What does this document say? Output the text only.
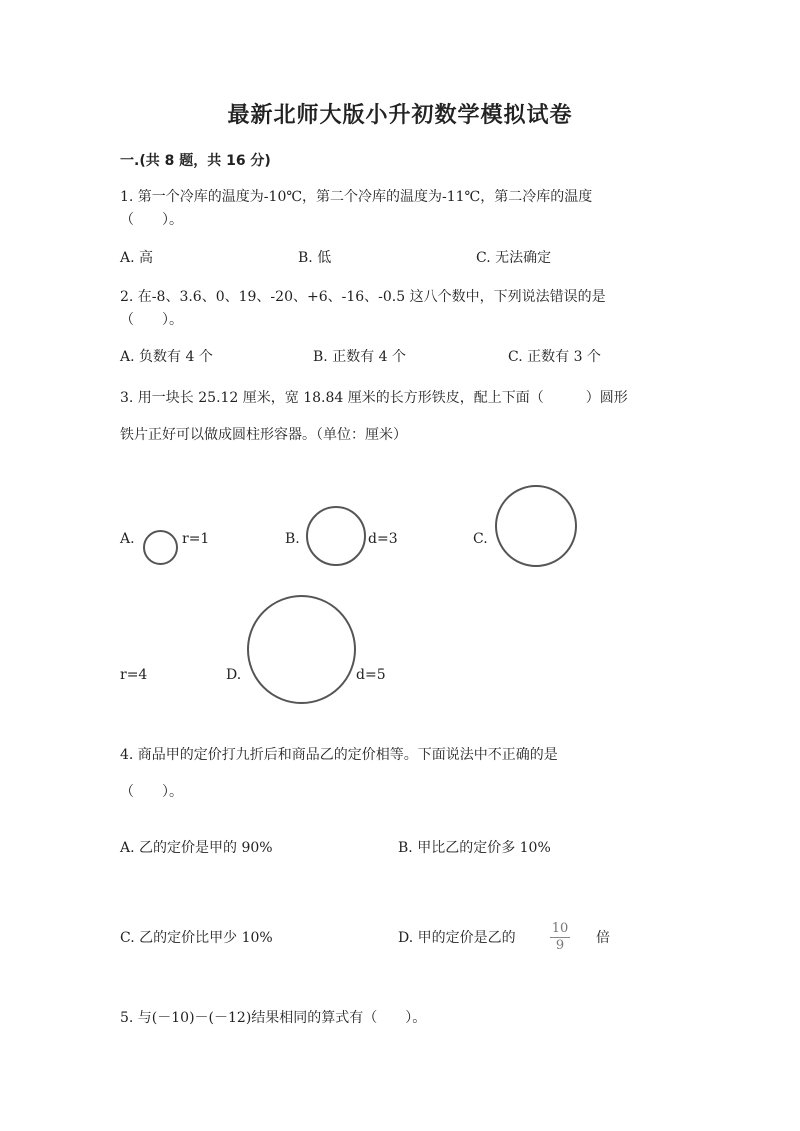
最新北师大版小升初数学模拟试卷
一.(共 8 题，共 16 分)
1. 第一个冷库的温度为-10℃，第二个冷库的温度为-11℃，第二冷库的温度
（　　）。
A. 高	B. 低	C. 无法确定
2. 在-8、3.6、0、19、-20、+6、-16、-0.5 这八个数中，下列说法错误的是
（　　）。
A. 负数有 4 个	B. 正数有 4 个	C. 正数有 3 个
3. 用一块长 25.12 厘米，宽 18.84 厘米的长方形铁皮，配上下面（　　　）圆形
铁片正好可以做成圆柱形容器。（单位：厘米）
A.	r=1	B.	d=3	C.
r=4	D.	d=5
4. 商品甲的定价打九折后和商品乙的定价相等。下面说法中不正确的是
（　　）。
A. 乙的定价是甲的 90%	B. 甲比乙的定价多 10%
C. 乙的定价比甲少 10%	D. 甲的定价是乙的
10
9	倍
5. 与(－10)－(－12)结果相同的算式有（　　）。
